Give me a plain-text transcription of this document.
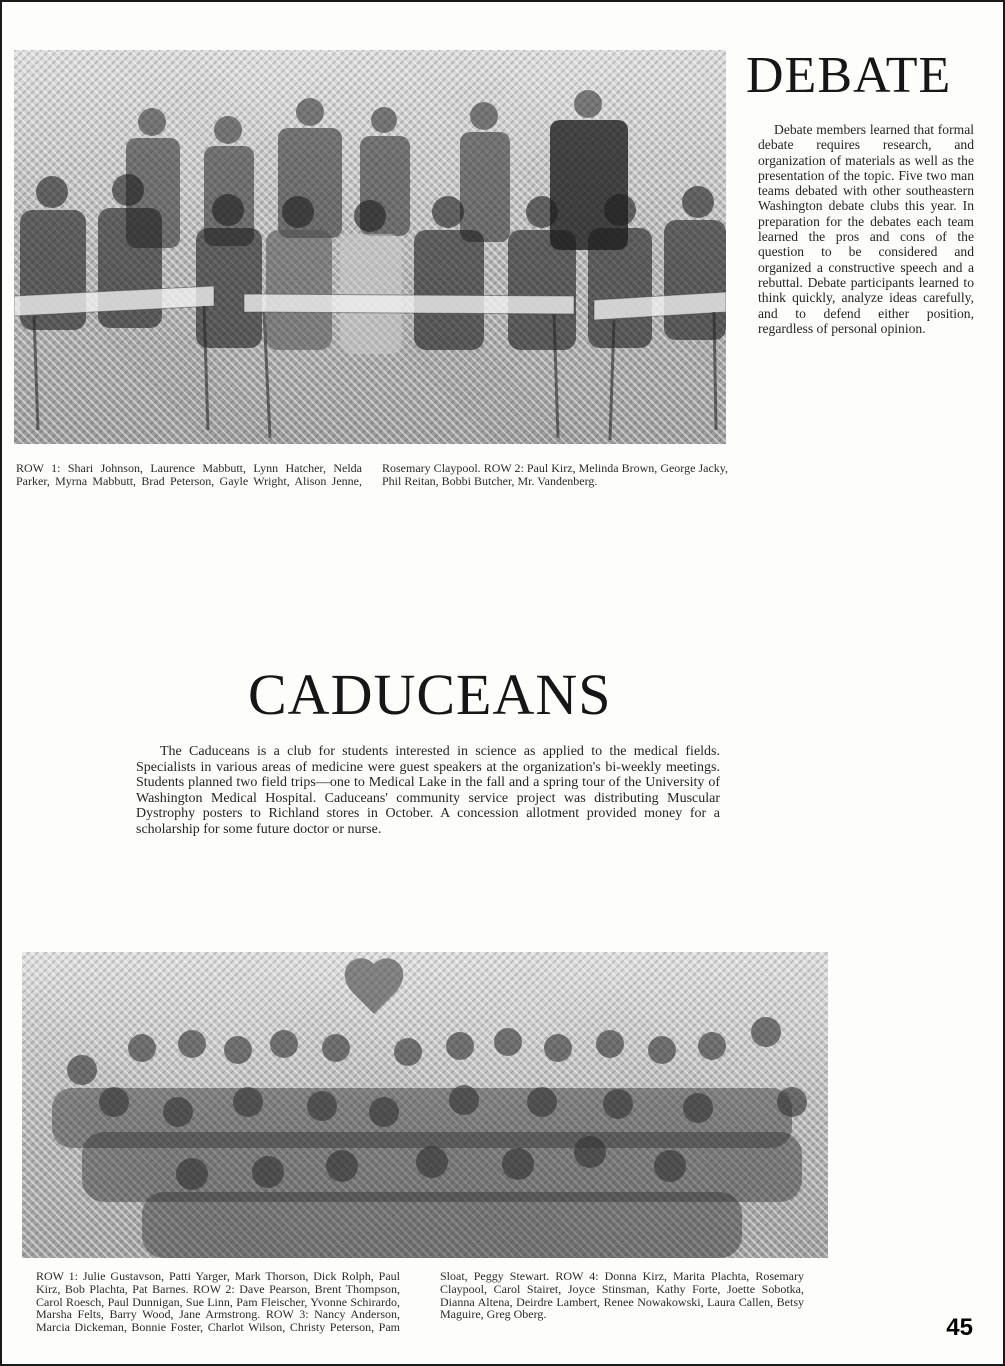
DEBATE

Debate members learned that formal debate requires research, and organization of materials as well as the presentation of the topic. Five two man teams debated with other southeastern Washington debate clubs this year. In preparation for the debates each team learned the pros and cons of the question to be considered and organized a constructive speech and a rebuttal. Debate participants learned to think quickly, analyze ideas carefully, and to defend either position, regardless of personal opinion.

ROW 1: Shari Johnson, Laurence Mabbutt, Lynn Hatcher, Nelda Parker, Myrna Mabbutt, Brad Peterson, Gayle Wright, Alison Jenne, Rosemary Claypool. ROW 2: Paul Kirz, Melinda Brown, George Jacky, Phil Reitan, Bobbi Butcher, Mr. Vandenberg.

CADUCEANS

The Caduceans is a club for students interested in science as applied to the medical fields. Specialists in various areas of medicine were guest speakers at the organization's bi-weekly meetings. Students planned two field trips—one to Medical Lake in the fall and a spring tour of the University of Washington Medical Hospital. Caduceans' community service project was distributing Muscular Dystrophy posters to Richland stores in October. A concession allotment provided money for a scholarship for some future doctor or nurse.

ROW 1: Julie Gustavson, Patti Yarger, Mark Thorson, Dick Rolph, Paul Kirz, Bob Plachta, Pat Barnes. ROW 2: Dave Pearson, Brent Thompson, Carol Roesch, Paul Dunnigan, Sue Linn, Pam Fleischer, Yvonne Schirardo, Marsha Felts, Barry Wood, Jane Armstrong. ROW 3: Nancy Anderson, Marcia Dickeman, Bonnie Foster, Charlot Wilson, Christy Peterson, Pam Sloat, Peggy Stewart. ROW 4: Donna Kirz, Marita Plachta, Rosemary Claypool, Carol Stairet, Joyce Stinsman, Kathy Forte, Joette Sobotka, Dianna Altena, Deirdre Lambert, Renee Nowakowski, Laura Callen, Betsy Maguire, Greg Oberg.	45
